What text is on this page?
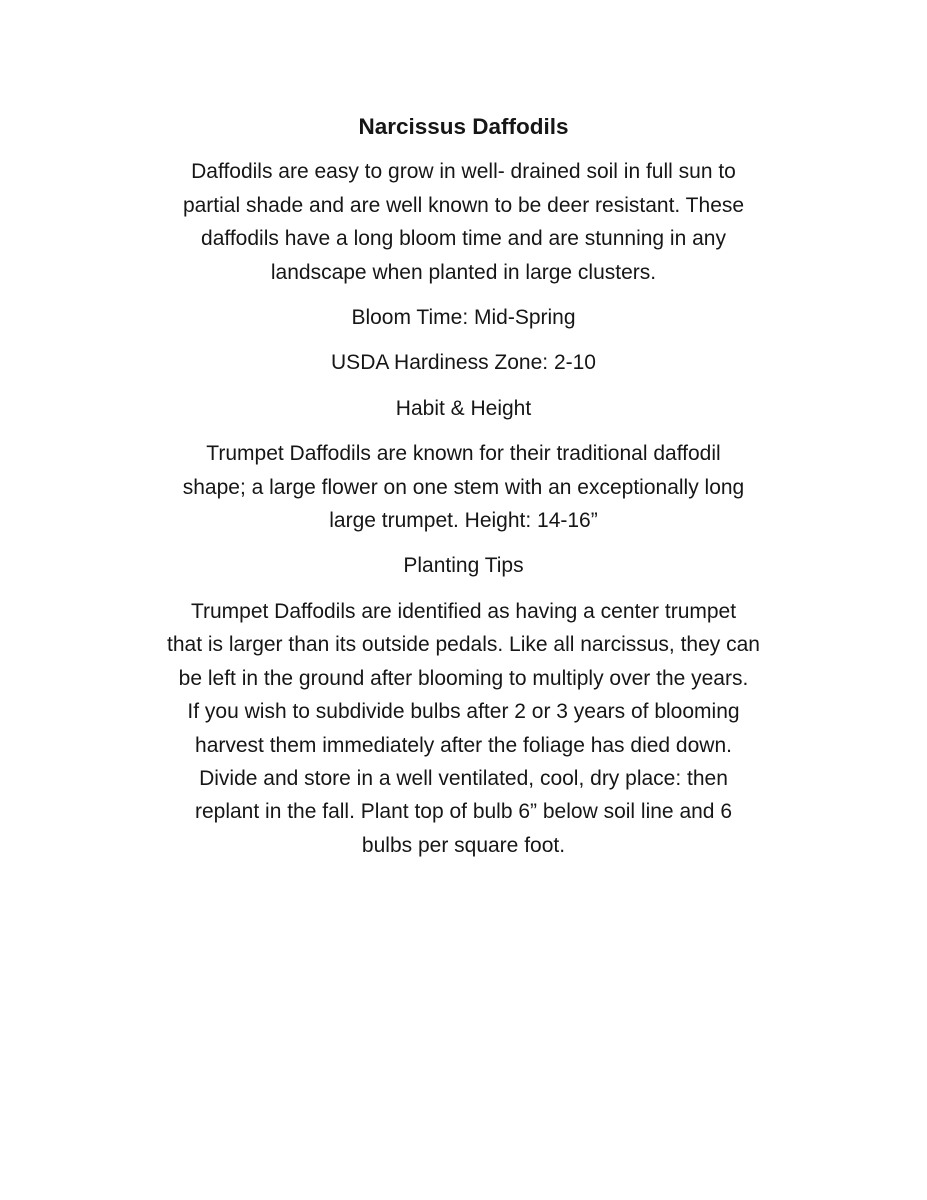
Narcissus Daffodils
Daffodils are easy to grow in well- drained soil in full sun to
partial shade and are well known to be deer resistant. These
daffodils have a long bloom time and are stunning in any
landscape when planted in large clusters.
Bloom Time: Mid-Spring
USDA Hardiness Zone: 2-10
Habit & Height
Trumpet Daffodils are known for their traditional daffodil
shape; a large flower on one stem with an exceptionally long
large trumpet. Height: 14-16”
Planting Tips
Trumpet Daffodils are identified as having a center trumpet
that is larger than its outside pedals. Like all narcissus, they can
be left in the ground after blooming to multiply over the years.
If you wish to subdivide bulbs after 2 or 3 years of blooming
harvest them immediately after the foliage has died down.
Divide and store in a well ventilated, cool, dry place: then
replant in the fall. Plant top of bulb 6” below soil line and 6
bulbs per square foot.
